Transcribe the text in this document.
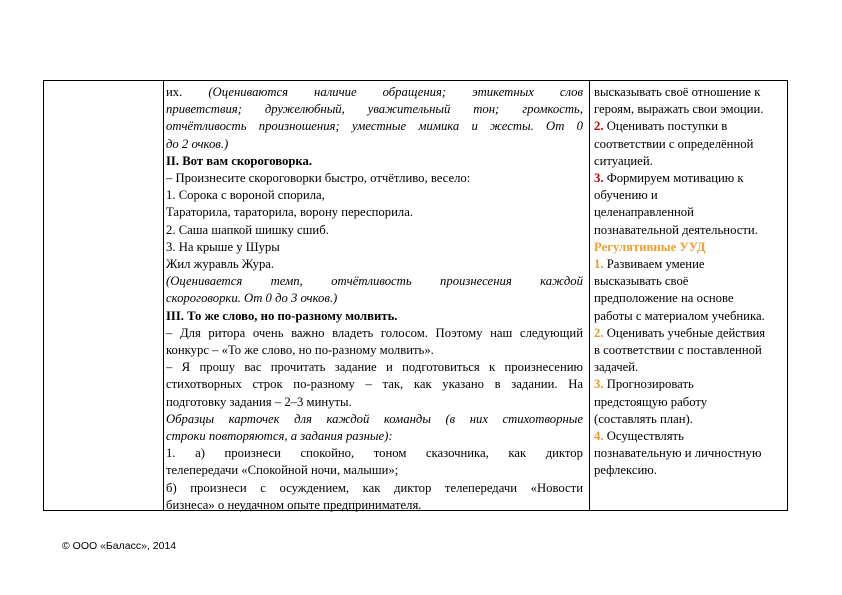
их. (Оцениваются наличие обращения; этикетных слов

приветствия; дружелюбный, уважительный тон; громкость,

отчётливость произношения; уместные мимика и жесты. От 0

до 2 очков.)

II. Вот вам скороговорка.

– Произнесите скороговорки быстро, отчётливо, весело:

1. Сорока с вороной спорила,

Тараторила, тараторила, ворону переспорила.

2. Саша шапкой шишку сшиб.

3. На крыше у Шуры

Жил журавль Жура.

(Оценивается темп, отчётливость произнесения каждой

скороговорки. От 0 до 3 очков.)

III. То же слово, но по-разному молвить.

– Для ритора очень важно владеть голосом. Поэтому наш следующий

конкурс – «То же слово, но по-разному молвить».

– Я прошу вас прочитать задание и подготовиться к произнесению

стихотворных строк по-разному – так, как указано в задании. На

подготовку задания – 2–3 минуты.

Образцы карточек для каждой команды (в них стихотворные

строки повторяются, а задания разные):

1. а) произнеси спокойно, тоном сказочника, как диктор

телепередачи «Спокойной ночи, малыши»;

б) произнеси с осуждением, как диктор телепередачи «Новости

бизнеса» о неудачном опыте предпринимателя.

высказывать своё отношение к

героям, выражать свои эмоции.

2. Оценивать поступки в

соответствии с определённой

ситуацией.

3. Формируем мотивацию к

обучению и

целенаправленной

познавательной деятельности.

Регулятивные УУД

1. Развиваем умение

высказывать своё

предположение на основе

работы с материалом учебника.

2. Оценивать учебные действия

в соответствии с поставленной

задачей.

3. Прогнозировать

предстоящую работу

(составлять план).

4. Осуществлять

познавательную и личностную

рефлексию.

© ООО «Баласс», 2014
